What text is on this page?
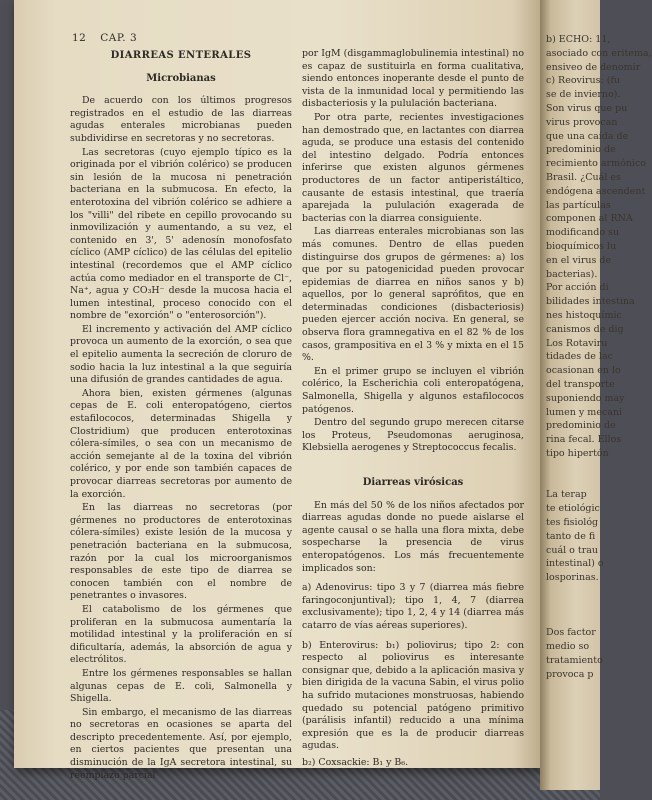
12 CAP. 3
DIARREAS ENTERALES
Microbianas

De acuerdo con los últimos progresos registrados en el estudio de las diarreas agudas enterales microbianas pueden subdividirse en secretoras y no secretoras.

Las secretoras (cuyo ejemplo típico es la originada por el vibrión colérico) se producen sin lesión de la mucosa ni penetración bacteriana en la submucosa. En efecto, la enterotoxina del vibrión colérico se adhiere a los "villi" del ribete en cepillo provocando su inmovilización y aumentando, a su vez, el contenido en 3', 5' adenosín monofosfato cíclico (AMP cíclico) de las células del epitelio intestinal (recordemos que el AMP cíclico actúa como mediador en el transporte de Cl⁻, Na⁺, agua y CO₃H⁻ desde la mucosa hacia el lumen intestinal, proceso conocido con el nombre de "exorción" o "enterosorción").

El incremento y activación del AMP cíclico provoca un aumento de la exorción, o sea que el epitelio aumenta la secreción de cloruro de sodio hacia la luz intestinal a la que seguiría una difusión de grandes cantidades de agua.

Ahora bien, existen gérmenes (algunas cepas de E. coli enteropatógeno, ciertos estafilococos, determinadas Shigella y Clostridium) que producen enterotoxinas cólera-símiles, o sea con un mecanismo de acción semejante al de la toxina del vibrión colérico, y por ende son también capaces de provocar diarreas secretoras por aumento de la exorción.

En las diarreas no secretoras (por gérmenes no productores de enterotoxinas cólera-símiles) existe lesión de la mucosa y penetración bacteriana en la submucosa, razón por la cual los microorganismos responsables de este tipo de diarrea se conocen también con el nombre de penetrantes o invasores.

El catabolismo de los gérmenes que proliferan en la submucosa aumentaría la motilidad intestinal y la proliferación en sí dificultaría, además, la absorción de agua y electrólitos.

Entre los gérmenes responsables se hallan algunas cepas de E. coli, Salmonella y Shigella.

Sin embargo, el mecanismo de las diarreas no secretoras en ocasiones se aparta del descripto precedentemente. Así, por ejemplo, en ciertos pacientes que presentan una disminución de la IgA secretora intestinal, su reemplazo parcial

por IgM (disgammaglobulinemia intestinal) no es capaz de sustituirla en forma cualitativa, siendo entonces inoperante desde el punto de vista de la inmunidad local y permitiendo las disbacteriosis y la pululación bacteriana.

Por otra parte, recientes investigaciones han demostrado que, en lactantes con diarrea aguda, se produce una estasis del contenido del intestino delgado. Podría entonces inferirse que existen algunos gérmenes productores de un factor antiperistáltico, causante de estasis intestinal, que traería aparejada la pululación exagerada de bacterias con la diarrea consiguiente.

Las diarreas enterales microbianas son las más comunes. Dentro de ellas pueden distinguirse dos grupos de gérmenes: a) los que por su patogenicidad pueden provocar epidemias de diarrea en niños sanos y b) aquellos, por lo general saprófitos, que en determinadas condiciones (disbacteriosis) pueden ejercer acción nociva. En general, se observa flora gramnegativa en el 82 % de los casos, grampositiva en el 3 % y mixta en el 15 %.

En el primer grupo se incluyen el vibrión colérico, la Escherichia coli enteropatógena, Salmonella, Shigella y algunos estafilococos patógenos.

Dentro del segundo grupo merecen citarse los Proteus, Pseudomonas aeruginosa, Klebsiella aerogenes y Streptococcus fecalis.

Diarreas virósicas

En más del 50 % de los niños afectados por diarreas agudas donde no puede aislarse el agente causal o se halla una flora mixta, debe sospecharse la presencia de virus enteropatógenos. Los más frecuentemente implicados son:

a) Adenovirus: tipo 3 y 7 (diarrea más fiebre faringoconjuntival); tipo 1, 4, 7 (diarrea exclusivamente); tipo 1, 2, 4 y 14 (diarrea más catarro de vías aéreas superiores).

b) Enterovirus: b₁) poliovirus; tipo 2: con respecto al poliovirus es interesante consignar que, debido a la aplicación masiva y bien dirigida de la vacuna Sabin, el virus polio ha sufrido mutaciones monstruosas, habiendo quedado su potencial patógeno primitivo (parálisis infantil) reducido a una mínima expresión que es la de producir diarreas agudas.

b₂) Coxsackie: B₁ y B₆.

b) ECHO: 11,
asociado con eritema,
ensiveo de denomir
c) Reovirus: (fu
se de invierno).
Son virus que pu
virus provocan
que una caída de
predominio de
recimiento armónico
Brasil. ¿Cuál es
endógena ascendent
las partículas
componen al RNA
modificando su
bioquímicos lu
en el virus de
bacterias).
Por acción di
bilidades intestina
nes histoquímic
canismos de dig
Los Rotaviru
tidades de lac
ocasionan en lo
del transporte
suponiendo may
lumen y mecani
predominio de
rina fecal. Ellos
tipo hipertón
La terap
te etiológic
tes fisiológ
tanto de fi
cuál o trau
intestinal) o
losporinas.
Dos factor
medio so
tratamiento
provoca p
